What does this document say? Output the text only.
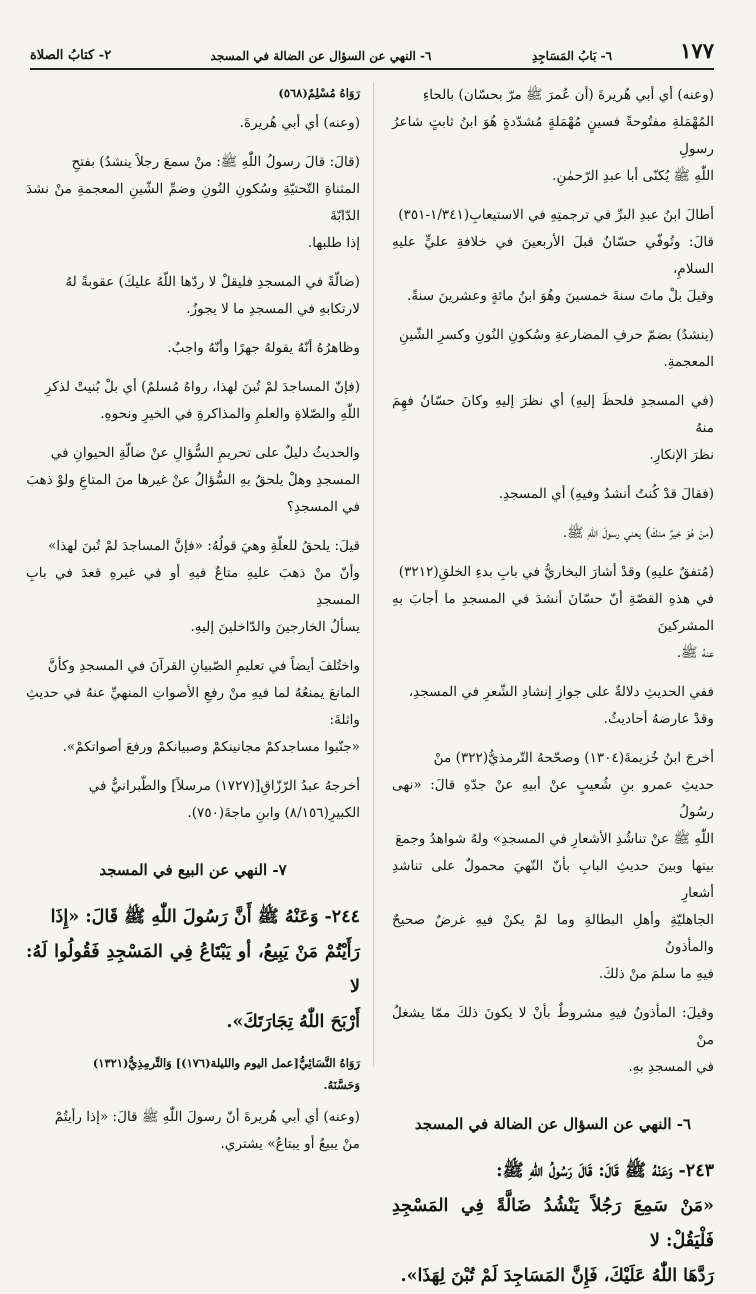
١٧٧
٦- بَابُ المَسَاجِدِ
٦- النهي عن السؤال عن الضالة في المسجد
٢- كتابُ الصلاة

(وعنه) أي أبي هُريرةَ (أن عُمرَ ﷺ مرّ بحسّان) بالحاءِ
المُهْمَلةِ مفتُوحةً فسينٍ مُهْمَلةٍ مُشدّدةٍ هُوَ ابنُ ثابتٍ شاعرُ رسولِ
اللّٰهِ ﷺ يُكنّى أبا عبدِ الرّحمٰنِ.

أطالَ ابنُ عبدِ البرِّ في ترجمتِهِ في الاستيعابِ(١/٣٤١-٣٥١)
قالَ: وتُوفّي حسّانُ قبلَ الأربعينَ في خلافةِ عليٍّ عليهِ السلامِ،
وقيلَ بلْ ماتَ سنةَ خمسينَ وهُوَ ابنُ مائةٍ وعشرينَ سنةً.

(ينشدُ) بضمّ حرفِ المضارعةِ وسُكونِ النُونِ وكسرِ الشّينِ
المعجمةِ.

(في المسجدِ فلحظَ إليهِ) أي نظرَ إليهِ وكانَ حسّانُ فهِمَ منهُ
نظرَ الإنكارِ.

(فقالَ قدْ كُنتُ أنشدُ وفيهِ) أي المسجدِ.

(منْ هُوَ خيرٌ منكَ) يعني رسولَ اللّٰهِ ﷺ.

(مُتفقٌ عليهِ) وقدْ أشارَ البخاريُّ في بابِ بدءِ الخلقِ(٣٢١٢)
في هذهِ القصّةِ أنّ حسّانَ أنشدَ في المسجدِ ما أجابَ بهِ المشركينَ
عنهُ ﷺ.

ففي الحديثِ دلالةٌ على جوازِ إنشادِ الشّعرِ في المسجدِ،
وقدْ عارضهُ أحاديثُ.

أخرجَ ابنُ خُزيمةَ(١٣٠٤) وصحّحهُ التّرمذيُّ(٣٢٢) منْ
حديثِ عمرو بنِ شُعيبٍ عنْ أبيهِ عنْ جدّهِ قالَ: «نهى رسُولُ
اللّٰهِ ﷺ عنْ تناشُدِ الأشعارِ في المسجدِ» ولهُ شواهدُ وجمعَ
بينها وبينَ حديثِ البابِ بأنّ النّهيَ محمولٌ على تناشدِ أشعارِ
الجاهليّةِ وأهلِ البطالةِ وما لمْ يكنْ فيهِ غرضٌ صحيحٌ والمأذونُ
فيهِ ما سلمَ منْ ذلكَ.

وقيلَ: المأذونُ فيهِ مشروطٌ بأنْ لا يكونَ ذلكَ ممّا يشغلُ منْ
في المسجدِ بهِ.

٦- النهي عن السؤال عن الضالة في المسجد

٢٤٣- وَعَنْهُ ﷺ قَالَ: قَالَ رَسُولُ اللّٰهِ ﷺ:
«مَنْ سَمِعَ رَجُلاً يَنْشُدُ ضَالَّةً فِي المَسْجِدِ فَلْيَقُلْ: لا
رَدَّهَا اللّٰهُ عَلَيْكَ، فَإِنَّ المَسَاجِدَ لَمْ تُبْنَ لِهَذَا».

رَوَاهُ مُسْلِمٌ(٥٦٨)

(وعنه) أي أبي هُريرةَ.

(قالَ: قالَ رسولُ اللّٰهِ ﷺ: منْ سمعَ رجلاً ينشدُ) بفتحِ
المثناةِ التّحتيّةِ وسُكونِ النُونِ وضمِّ الشّينِ المعجمةِ منْ نشدَ الدّابّةَ
إذا طلبها.

(ضالّةً في المسجدِ فليقلْ لا ردّها اللّهُ عليكَ) عقوبةً لهُ
لارتكابهِ في المسجدِ ما لا يجوزُ.

وظاهرُهُ أنّهُ يقولهُ جهرًا وأنّهُ واجبٌ.

(فإنّ المساجدَ لمْ تُبنَ لهذا، رواهُ مُسلمٌ) أي بلْ بُنيتْ لذكرِ
اللّٰهِ والصّلاةِ والعلمِ والمذاكرةِ في الخيرِ ونحوهِ.

والحديثُ دليلٌ على تحريمِ السُّؤالِ عنْ ضالّةِ الحيوانِ في
المسجدِ وهلْ يلحقُ بهِ السُّؤالُ عنْ غيرها منَ المتاعِ ولوْ ذهبَ
في المسجدِ؟

قيلَ: يلحقُ للعلّةِ وهيَ قولُهُ: «فإنَّ المساجدَ لمْ تُبنَ لهذا»
وأنّ منْ ذهبَ عليهِ متاعٌ فيهِ أو في غيرهِ قعدَ في بابِ المسجدِ
يسألُ الخارجينَ والدّاخلينَ إليهِ.

واختُلفَ أيضاً في تعليمِ الصّبيانِ القرآنَ في المسجدِ وكأنَّ
المانعَ يمنعُهُ لما فيهِ منْ رفعِ الأصواتِ المنهيِّ عنهُ في حديثِ واثلةَ:
«جنّبوا مساجدكمْ مجانينكمْ وصبيانكمْ ورفعَ أصواتكمْ».

أخرجهُ عبدُ الرّزّاقِ[(١٧٢٧) مرسلاً] والطّبرانيُّ في
الكبيرِ(٨/١٥٦) وابنِ ماجةَ(٧٥٠).

٧- النهي عن البيع في المسجد

٢٤٤- وَعَنْهُ ﷺ أَنَّ رَسُولَ اللّٰهِ ﷺ قَالَ: «إِذَا
رَأَيْتُمْ مَنْ يَبِيعُ، أو يَبْتَاعُ فِي المَسْجِدِ فَقُولُوا لَهُ: لا
أَرْبَحَ اللّٰهُ تِجَارَتَكَ».

رَوَاهُ النَّسَائِيُّ[عمل اليوم والليلة(١٧٦)] وَالتِّرمِذِيُّ(١٣٢١)
وَحَسَّنَهُ.

(وعنه) أي أبي هُريرةَ أنّ رسولَ اللّٰهِ ﷺ قالَ: «إذا رأيتُمْ
منْ يبيعُ أو يبتاعُ» يشتري.
